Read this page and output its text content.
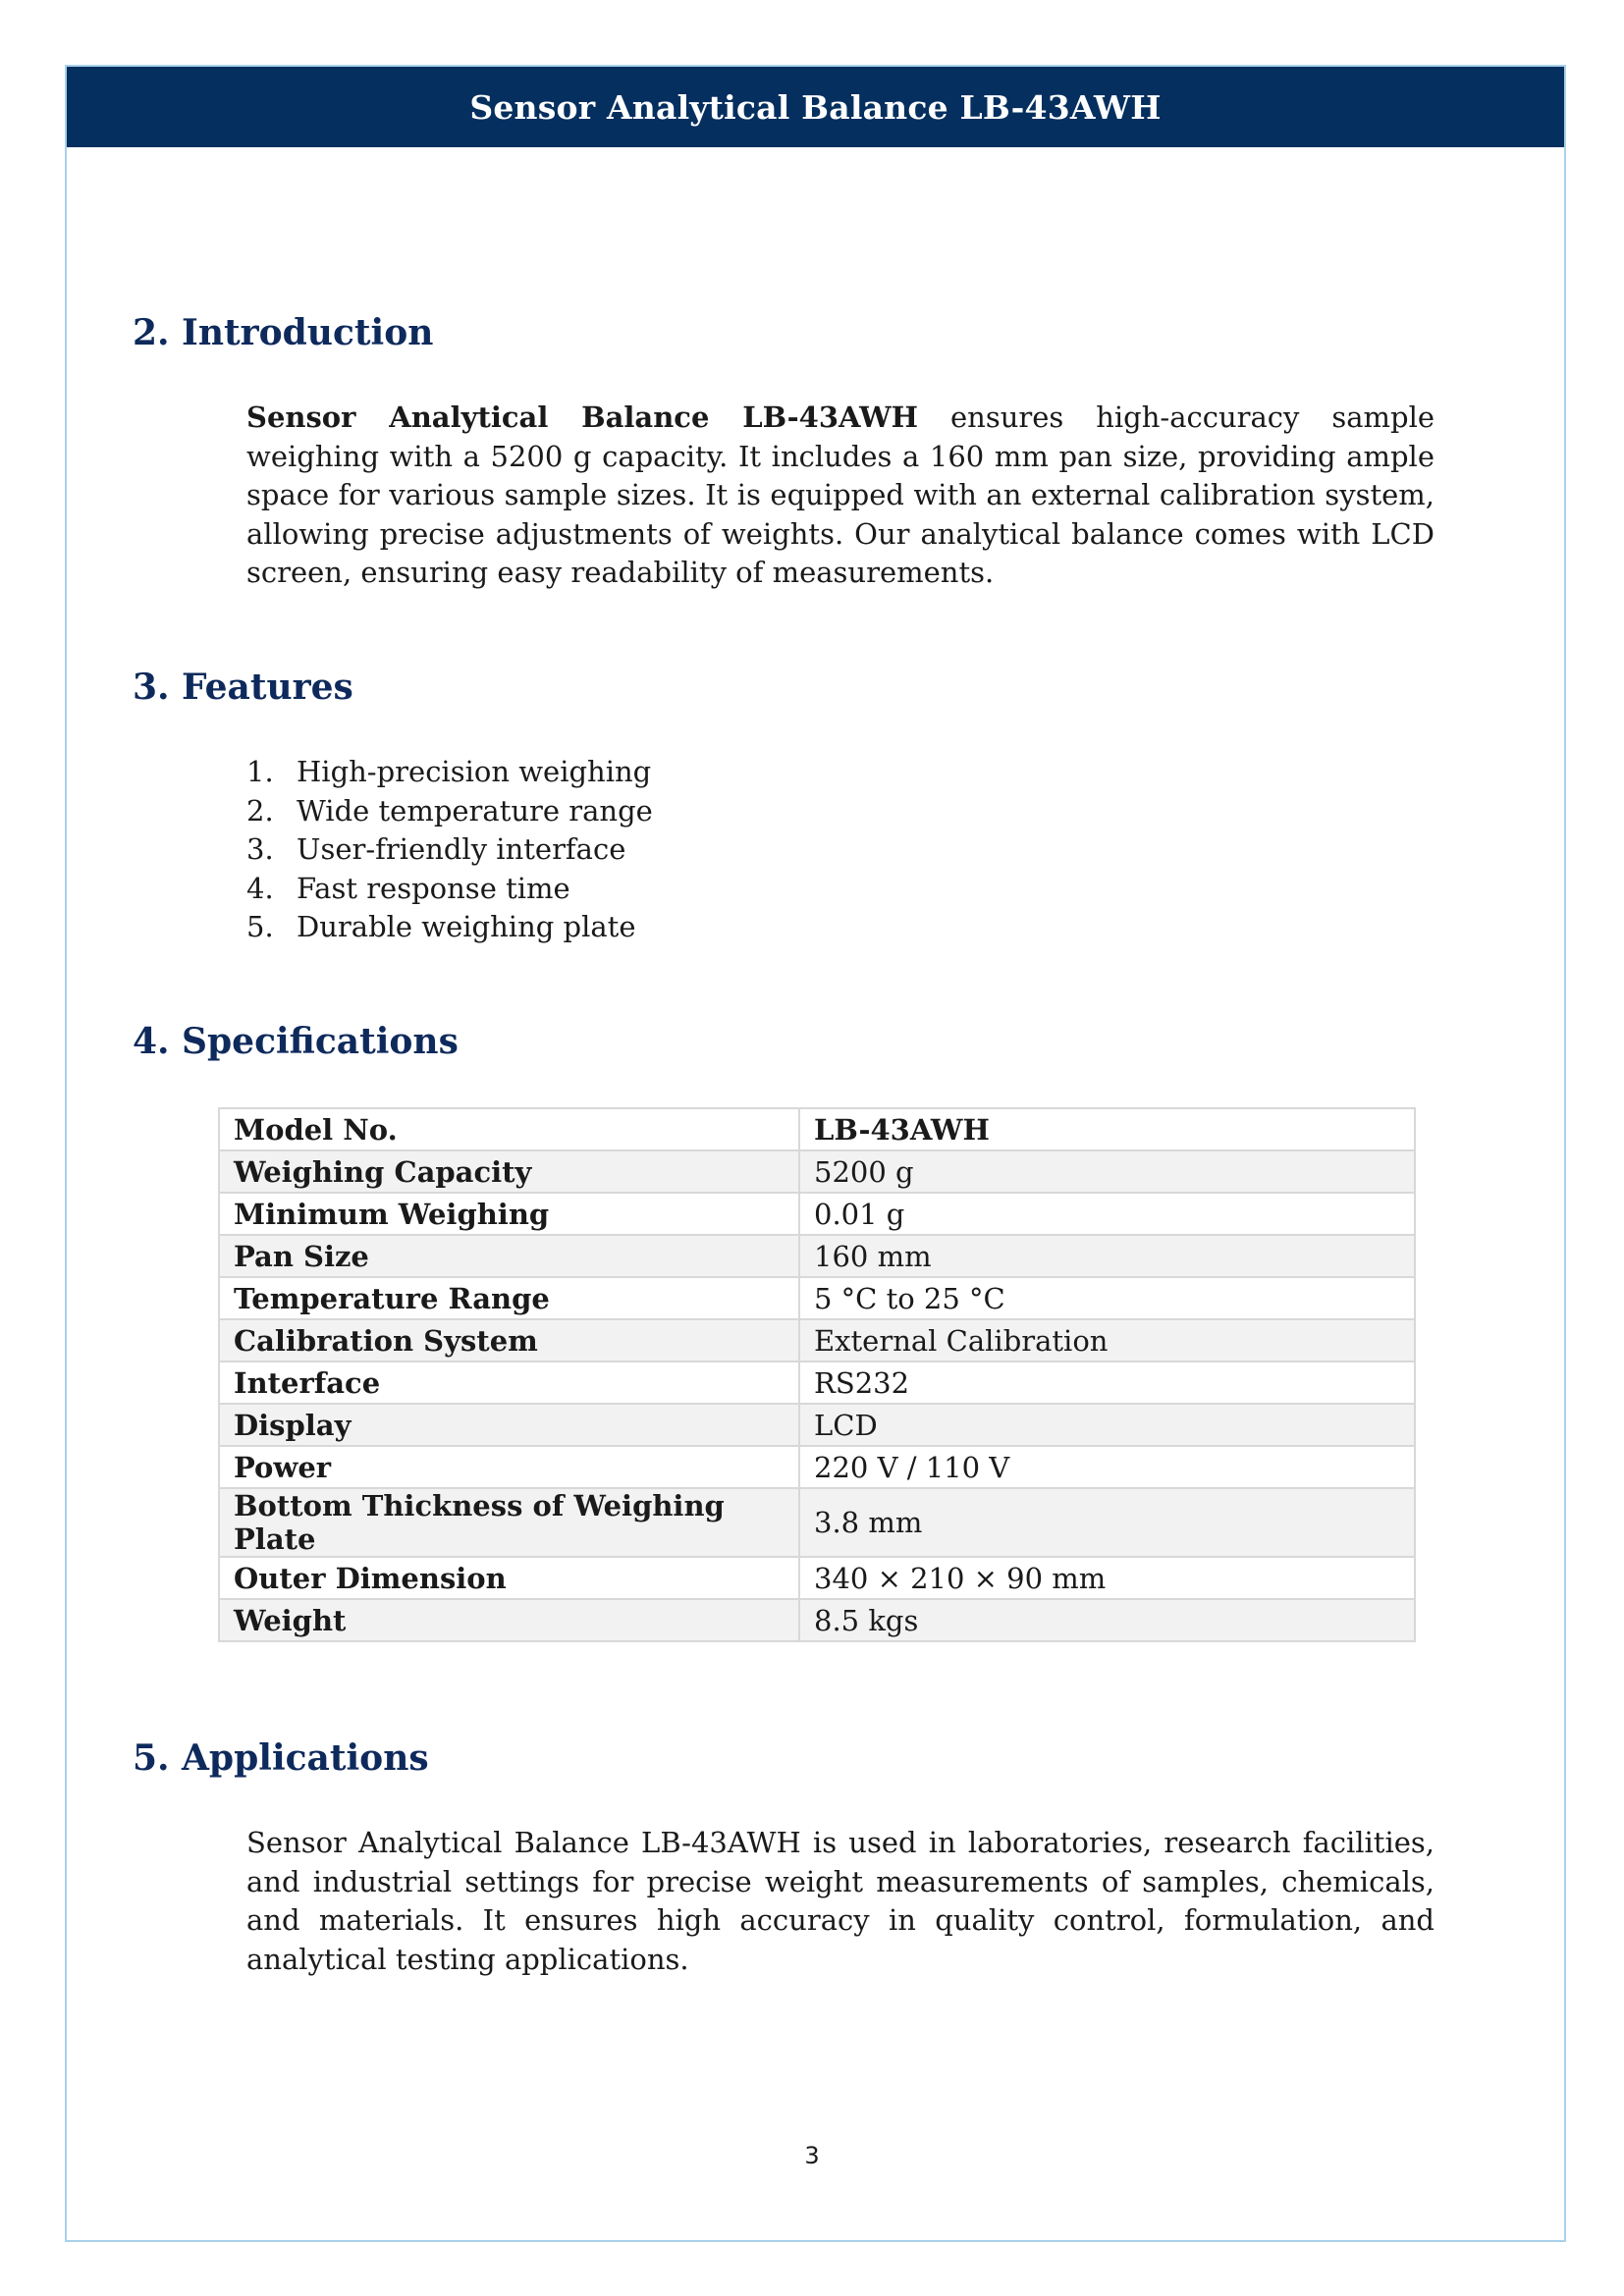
Sensor Analytical Balance LB-43AWH
2. Introduction

Sensor Analytical Balance LB-43AWH ensures high-accuracy sample weighing with a 5200 g capacity. It includes a 160 mm pan size, providing ample space for various sample sizes. It is equipped with an external calibration system, allowing precise adjustments of weights. Our analytical balance comes with LCD screen, ensuring easy readability of measurements.

3. Features
1. High-precision weighing
2. Wide temperature range
3. User-friendly interface
4. Fast response time
5. Durable weighing plate
4. Specifications
Model No.	LB-43AWH
Weighing Capacity	5200 g
Minimum Weighing	0.01 g
Pan Size	160 mm
Temperature Range	5 °C to 25 °C
Calibration System	External Calibration
Interface	RS232
Display	LCD
Power	220 V / 110 V
Bottom Thickness of Weighing Plate	3.8 mm
Outer Dimension	340 × 210 × 90 mm
Weight	8.5 kgs
5. Applications

Sensor Analytical Balance LB-43AWH is used in laboratories, research facilities, and industrial settings for precise weight measurements of samples, chemicals, and materials. It ensures high accuracy in quality control, formulation, and analytical testing applications.

3
